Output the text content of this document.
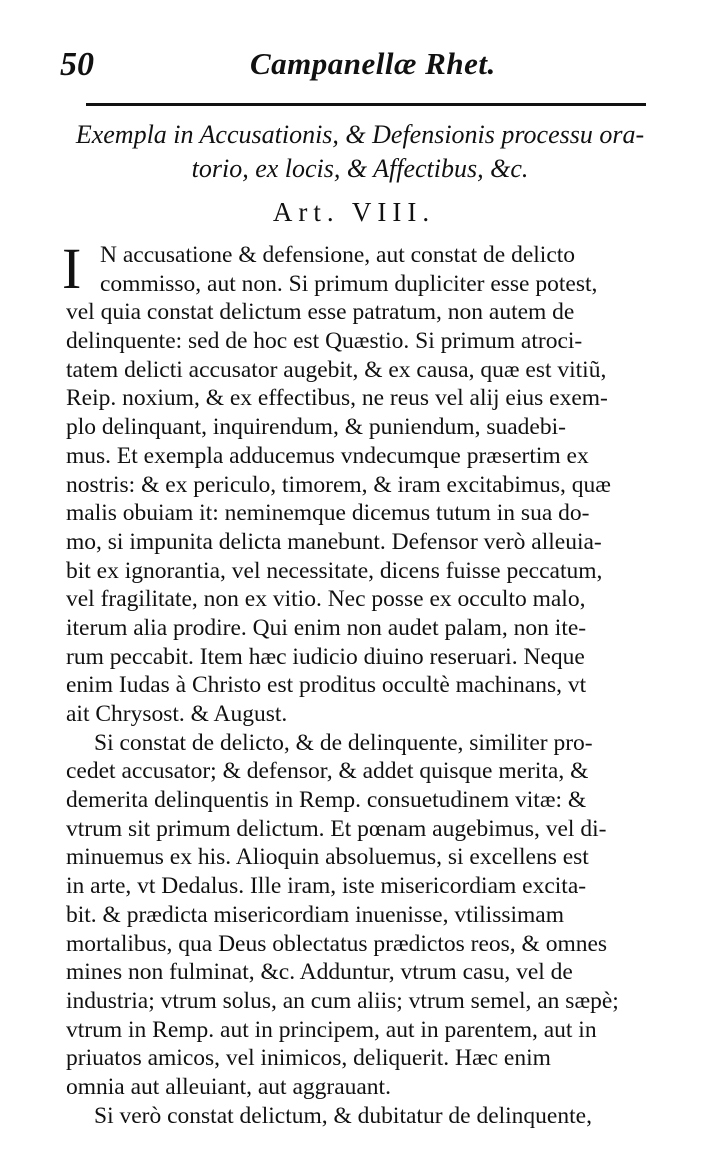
50	Campanellæ Rhet.
Exempla in Accusationis, & Defensionis processu ora-
torio, ex locis, & Affectibus, &c.
Art. VIII.
I N accusatione & defensione, aut constat de delicto
commisso, aut non. Si primum dupliciter esse potest,
vel quia constat delictum esse patratum, non autem de
delinquente: sed de hoc est Quæstio. Si primum atroci-
tatem delicti accusator augebit, & ex causa, quæ est vitiũ,
Reip. noxium, & ex effectibus, ne reus vel alij eius exem-
plo delinquant, inquirendum, & puniendum, suadebi-
mus. Et exempla adducemus vndecumque præsertim ex
nostris: & ex periculo, timorem, & iram excitabimus, quæ
malis obuiam it: neminemque dicemus tutum in sua do-
mo, si impunita delicta manebunt. Defensor verò alleuia-
bit ex ignorantia, vel necessitate, dicens fuisse peccatum,
vel fragilitate, non ex vitio. Nec posse ex occulto malo,
iterum alia prodire. Qui enim non audet palam, non ite-
rum peccabit. Item hæc iudicio diuino reseruari. Neque
enim Iudas à Christo est proditus occultè machinans, vt
ait Chrysost. & August.
Si constat de delicto, & de delinquente, similiter pro-
cedet accusator; & defensor, & addet quisque merita, &
demerita delinquentis in Remp. consuetudinem vitæ: &
vtrum sit primum delictum. Et pœnam augebimus, vel di-
minuemus ex his. Alioquin absoluemus, si excellens est
in arte, vt Dedalus. Ille iram, iste misericordiam excita-
bit. & prædicta misericordiam inuenisse, vtilissimam
mortalibus, qua Deus oblectatus prædictos reos, & omnes
mines non fulminat, &c. Adduntur, vtrum casu, vel de
industria; vtrum solus, an cum aliis; vtrum semel, an sæpè;
vtrum in Remp. aut in principem, aut in parentem, aut in
priuatos amicos, vel inimicos, deliquerit. Hæc enim
omnia aut alleuiant, aut aggrauant.
Si verò constat delictum, & dubitatur de delinquente,
